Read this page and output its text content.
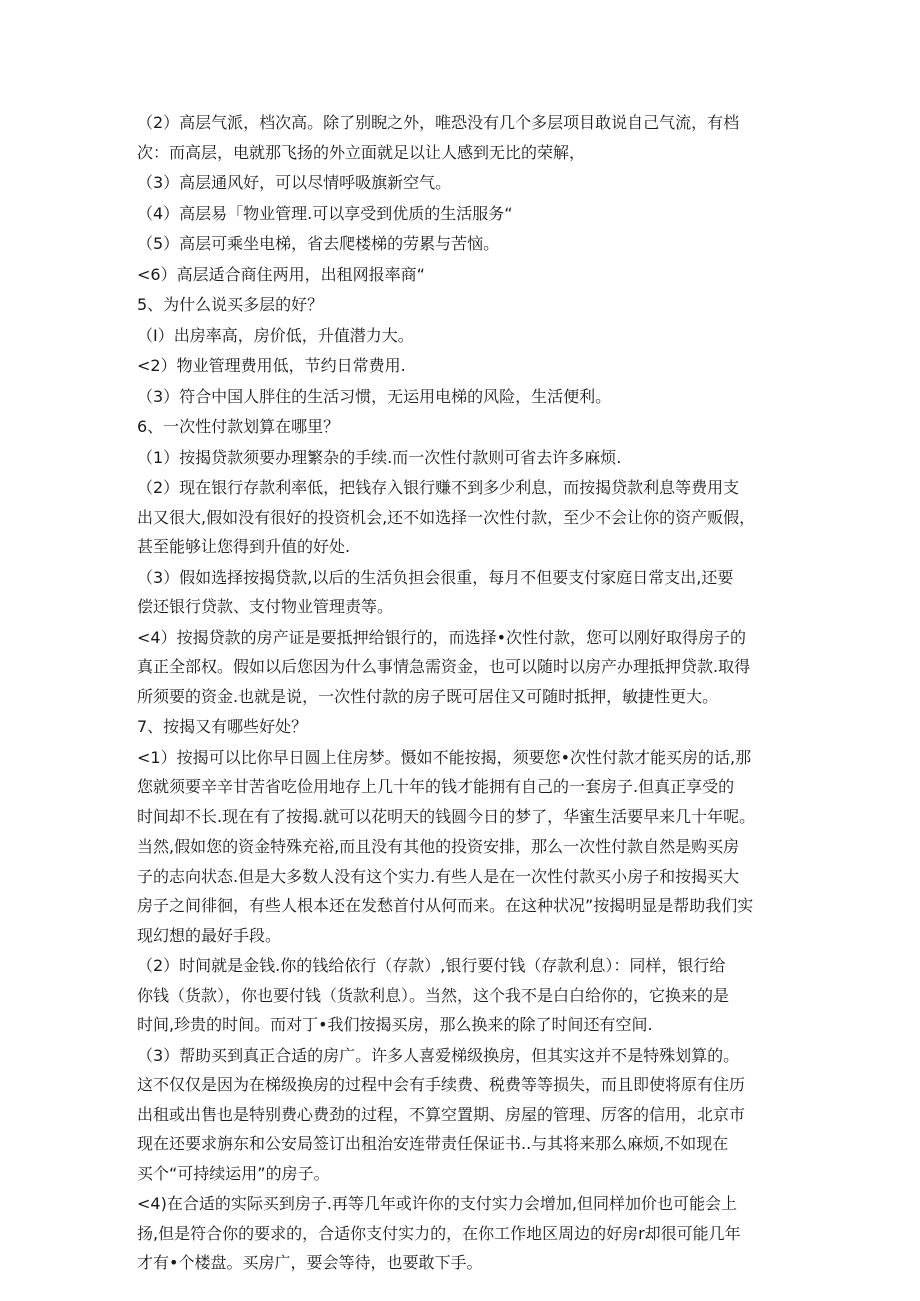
（2）高层气派，档次高。除了别睨之外，唯恐没有几个多层项目敢说自己气流，有档
次：而高层，电就那飞扬的外立面就足以让人感到无比的荣解，
（3）高层通风好，可以尽情呼吸旗新空气。
（4）高层易「物业管理.可以享受到优质的生活服务“
（5）高层可乘坐电梯，省去爬楼梯的劳累与苦恼。
<6）高层适合商住两用，出租网报率商“
5、为什么说买多层的好？
（I）出房率高，房价低，升值潜力大。
<2）物业管理费用低，节约日常费用.
（3）符合中国人胖住的生活习惯，无运用电梯的风险，生活便利。
6、一次性付款划算在哪里？
（1）按揭贷款须要办理繁杂的手续.而一次性付款则可省去许多麻烦.
（2）现在银行存款利率低，把钱存入银行赚不到多少利息，而按揭贷款利息等费用支
出又很大,假如没有很好的投资机会,还不如选择一次性付款，至少不会让你的资产贩假，
甚至能够让您得到升值的好处.
（3）假如选择按揭贷款,以后的生活负担会很重，每月不但要支付家庭日常支出,还要
偿还银行贷款、支付物业管理责等。
<4）按揭贷款的房产证是要抵押给银行的，而选择•次性付款，您可以刚好取得房子的
真正全部权。假如以后您因为什么事情急需资金，也可以随时以房产办理抵押贷款.取得
所须要的资金.也就是说，一次性付款的房子既可居住又可随时抵押，敏捷性更大。
7、按揭又有哪些好处？
<1）按揭可以比你早日圆上住房梦。慑如不能按揭，须要您•次性付款才能买房的话,那
您就须要辛辛甘苦省吃俭用地存上几十年的钱才能拥有自己的一套房子.但真正享受的
时间却不长.现在有了按揭.就可以花明天的钱圆今日的梦了，华蜜生活要早来几十年呢。
当然,假如您的资金特殊充裕,而且没有其他的投资安排，那么一次性付款自然是购买房
子的志向状态.但是大多数人没有这个实力.有些人是在一次性付款买小房子和按揭买大
房子之间徘徊，有些人根本还在发愁首付从何而来。在这种状况”按揭明显是帮助我们实
现幻想的最好手段。
（2）时间就是金钱.你的钱给依行（存款）,银行要付钱（存款利息）：同样，银行给
你钱（货款），你也要付钱（货款利息）。当然，这个我不是白白给你的，它换来的是
时间,珍贵的时间。而对丁•我们按揭买房，那么换来的除了时间还有空间.
（3）帮助买到真正合适的房广。许多人喜爱梯级换房，但其实这并不是特殊划算的。
这不仅仅是因为在梯级换房的过程中会有手续费、税费等等损失，而且即使将原有住历
出租或出售也是特别费心费劲的过程，不算空置期、房屋的管理、厉客的信用，北京市
现在还要求旃东和公安局签订出租治安连带责任保证书..与其将来那么麻烦,不如现在
买个“可持续运用”的房子。
<4)在合适的实际买到房子.再等几年或许你的支付实力会增加,但同样加价也可能会上
扬,但是符合你的要求的，合适你支付实力的，在你工作地区周边的好房r却很可能几年
才有•个楼盘。买房广，要会等待，也要敢下手。
